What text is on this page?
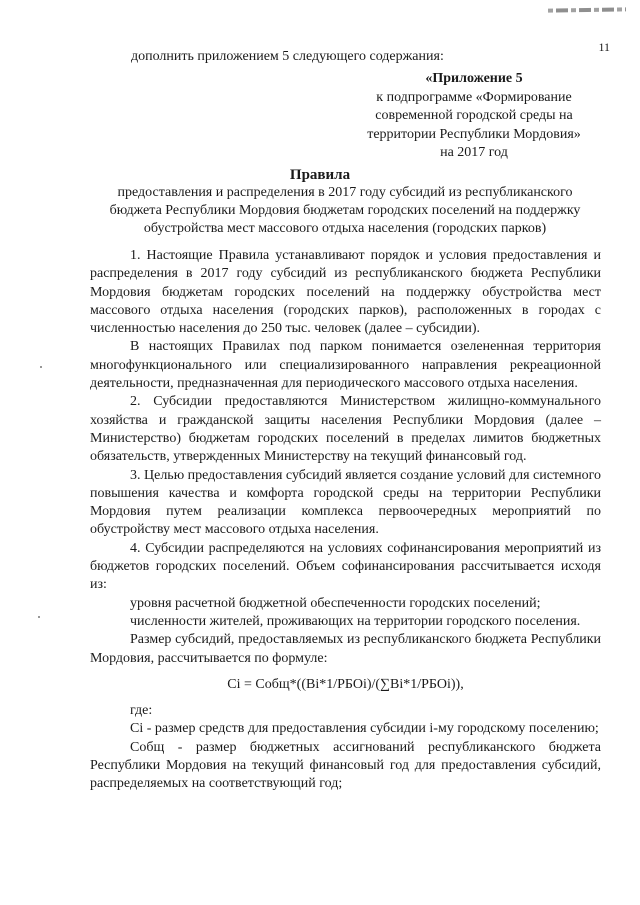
11
дополнить приложением 5 следующего содержания:
«Приложение 5
к подпрограмме «Формирование
современной городской среды на
территории Республики Мордовия»
на 2017 год
Правила
предоставления и распределения в 2017 году субсидий из республиканского бюджета Республики Мордовия бюджетам городских поселений на поддержку обустройства мест массового отдыха населения (городских парков)

1. Настоящие Правила устанавливают порядок и условия предоставления и распределения в 2017 году субсидий из республиканского бюджета Республики Мордовия бюджетам городских поселений на поддержку обустройства мест массового отдыха населения (городских парков), расположенных в городах с численностью населения до 250 тыс. человек (далее – субсидии).

В настоящих Правилах под парком понимается озелененная территория многофункционального или специализированного направления рекреационной деятельности, предназначенная для периодического массового отдыха населения.

2. Субсидии предоставляются Министерством жилищно-коммунального хозяйства и гражданской защиты населения Республики Мордовия (далее – Министерство) бюджетам городских поселений в пределах лимитов бюджетных обязательств, утвержденных Министерству на текущий финансовый год.

3. Целью предоставления субсидий является создание условий для системного повышения качества и комфорта городской среды на территории Республики Мордовия путем реализации комплекса первоочередных мероприятий по обустройству мест массового отдыха населения.

4. Субсидии распределяются на условиях софинансирования мероприятий из бюджетов городских поселений. Объем софинансирования рассчитывается исходя из:

уровня расчетной бюджетной обеспеченности городских поселений;

численности жителей, проживающих на территории городского поселения.

Размер субсидий, предоставляемых из республиканского бюджета Республики Мордовия, рассчитывается по формуле:

Ci = Cобщ*((Bi*1/РБОi)/(∑Bi*1/РБОi)),

где:

Ci - размер средств для предоставления субсидии i-му городскому поселению;

Cобщ - размер бюджетных ассигнований республиканского бюджета Республики Мордовия на текущий финансовый год для предоставления субсидий, распределяемых на соответствующий год;
